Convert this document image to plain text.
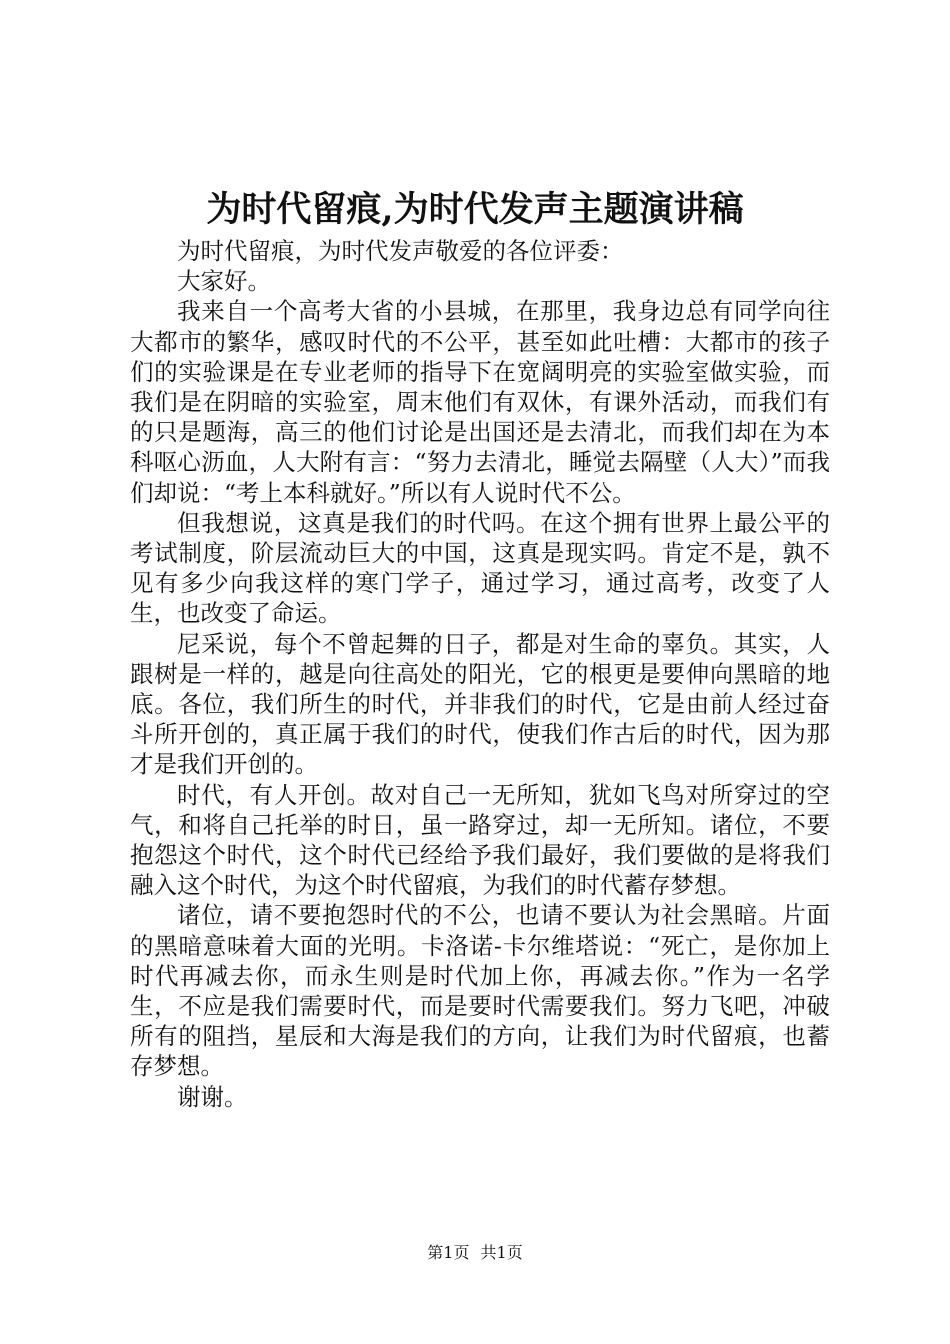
为时代留痕,为时代发声主题演讲稿

为时代留痕，为时代发声敬爱的各位评委：

大家好。

我来自一个高考大省的小县城，在那里，我身边总有同学向往大都市的繁华，感叹时代的不公平，甚至如此吐槽：大都市的孩子们的实验课是在专业老师的指导下在宽阔明亮的实验室做实验，而我们是在阴暗的实验室，周末他们有双休，有课外活动，而我们有的只是题海，高三的他们讨论是出国还是去清北，而我们却在为本科呕心沥血，人大附有言：“努力去清北，睡觉去隔壁（人大）”而我们却说：“考上本科就好。”所以有人说时代不公。

但我想说，这真是我们的时代吗。在这个拥有世界上最公平的考试制度，阶层流动巨大的中国，这真是现实吗。肯定不是，孰不见有多少向我这样的寒门学子，通过学习，通过高考，改变了人生，也改变了命运。

尼采说，每个不曾起舞的日子，都是对生命的辜负。其实，人跟树是一样的，越是向往高处的阳光，它的根更是要伸向黑暗的地底。各位，我们所生的时代，并非我们的时代，它是由前人经过奋斗所开创的，真正属于我们的时代，使我们作古后的时代，因为那才是我们开创的。

时代，有人开创。故对自己一无所知，犹如飞鸟对所穿过的空气，和将自己托举的时日，虽一路穿过，却一无所知。诸位，不要抱怨这个时代，这个时代已经给予我们最好，我们要做的是将我们融入这个时代，为这个时代留痕，为我们的时代蓄存梦想。

诸位，请不要抱怨时代的不公，也请不要认为社会黑暗。片面的黑暗意味着大面的光明。卡洛诺-卡尔维塔说：“死亡，是你加上时代再减去你，而永生则是时代加上你，再减去你。”作为一名学生，不应是我们需要时代，而是要时代需要我们。努力飞吧，冲破所有的阻挡，星辰和大海是我们的方向，让我们为时代留痕，也蓄存梦想。

谢谢。

第1页 共1页
